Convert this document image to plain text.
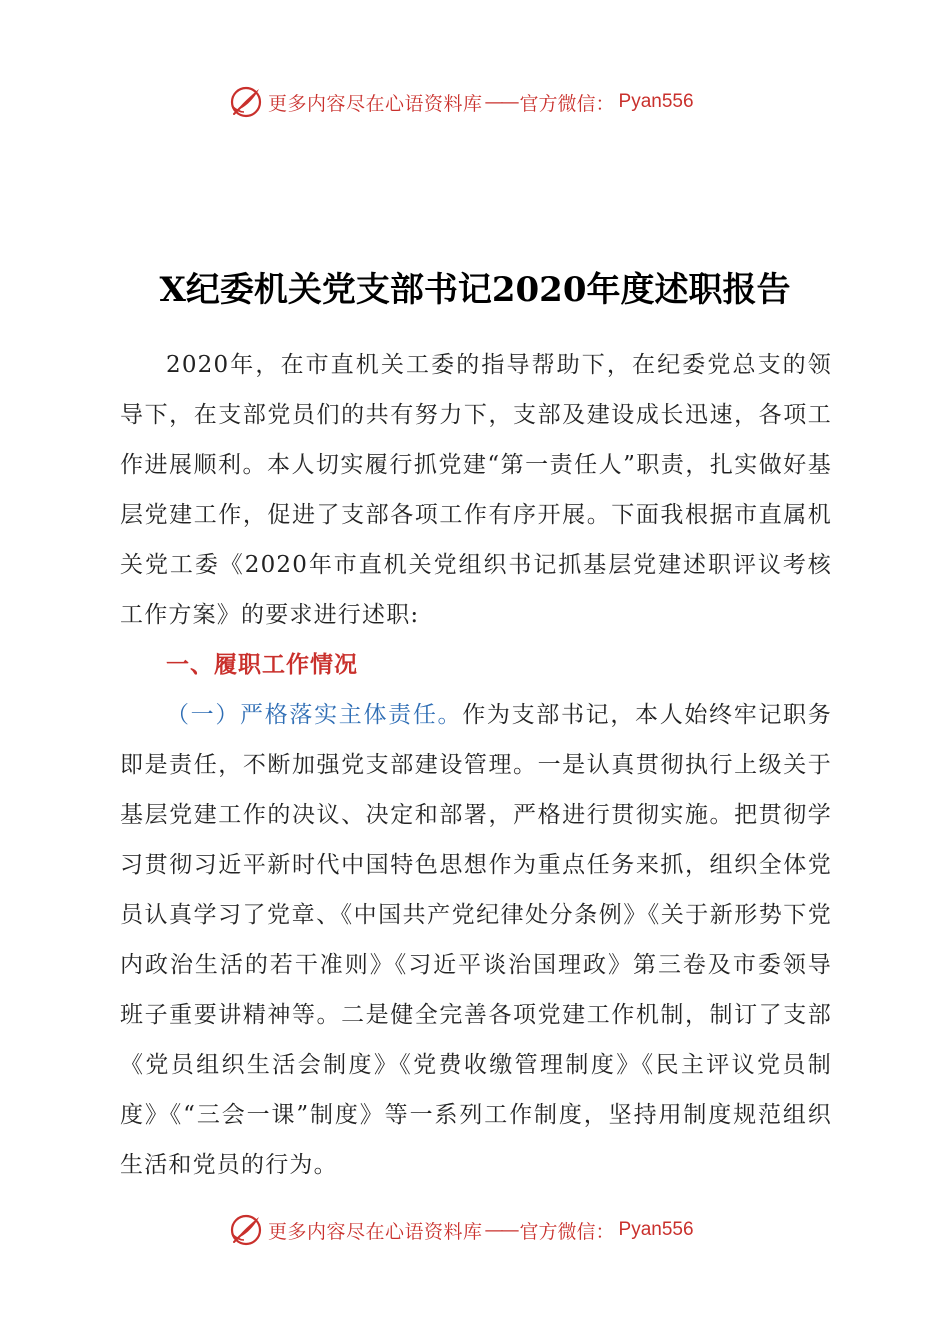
更多内容尽在心语资料库 —— 官方微信： Pyan556
X纪委机关党支部书记2020年度述职报告

2020年，在市直机关工委的指导帮助下，在纪委党总支的领导下，在支部党员们的共有努力下，支部及建设成长迅速，各项工作进展顺利。本人切实履行抓党建“第一责任人”职责，扎实做好基层党建工作，促进了支部各项工作有序开展。下面我根据市直属机关党工委《2020年市直机关党组织书记抓基层党建述职评议考核工作方案》的要求进行述职:

一、履职工作情况

（一）严格落实主体责任。作为支部书记，本人始终牢记职务即是责任，不断加强党支部建设管理。一是认真贯彻执行上级关于基层党建工作的决议、决定和部署，严格进行贯彻实施。把贯彻学习贯彻习近平新时代中国特色思想作为重点任务来抓，组织全体党员认真学习了党章、《中国共产党纪律处分条例》《关于新形势下党内政治生活的若干准则》《习近平谈治国理政》第三卷及市委领导班子重要讲精神等。二是健全完善各项党建工作机制，制订了支部《党员组织生活会制度》《党费收缴管理制度》《民主评议党员制度》《“三会一课”制度》等一系列工作制度，坚持用制度规范组织生活和党员的行为。

更多内容尽在心语资料库 —— 官方微信： Pyan556
